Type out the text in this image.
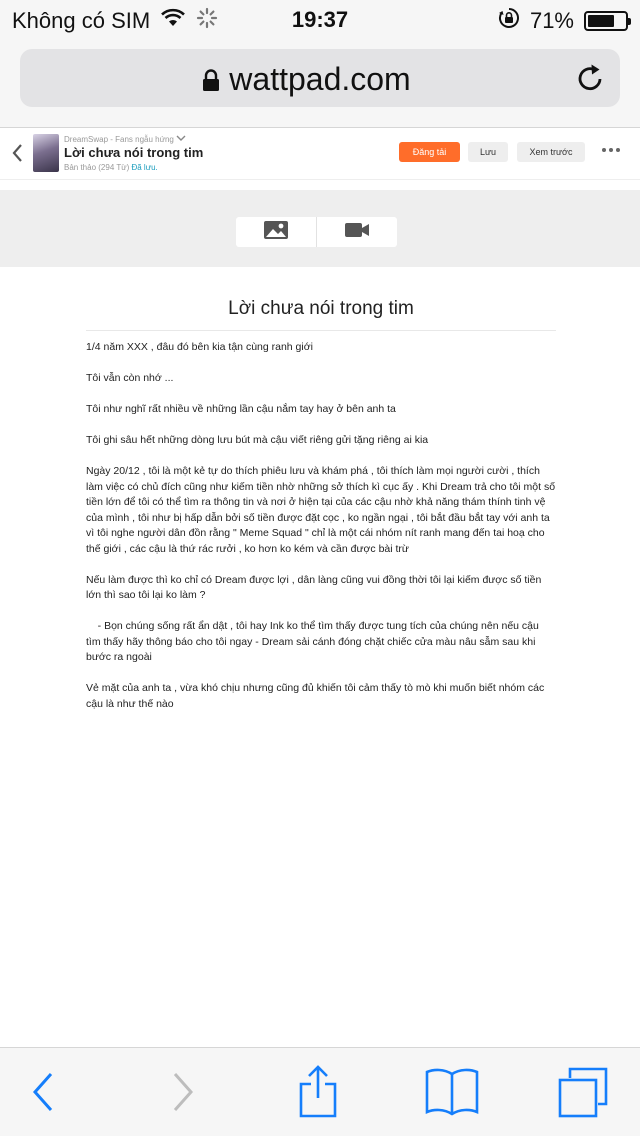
Không có SIM	19:37	71%
wattpad.com
DreamSwap - Fans ngẫu hứng
Lời chưa nói trong tim
Bản thảo (294 Từ) Đã lưu.
Đăng tải	Lưu	Xem trước
Lời chưa nói trong tim

1/4 năm XXX , đâu đó bên kia tận cùng ranh giới

Tôi vẫn còn nhớ ...

Tôi như nghĩ rất nhiều về những lần cậu nắm tay hay ở bên anh ta

Tôi ghi sâu hết những dòng lưu bút mà cậu viết riêng gửi tặng riêng ai kia

Ngày 20/12 , tôi là một kẻ tự do thích phiêu lưu và khám phá , tôi thích làm mọi người cười , thích làm việc có chủ đích cũng như kiếm tiền nhờ những sở thích kì cục ấy . Khi Dream trả cho tôi một số tiền lớn để tôi có thể tìm ra thông tin và nơi ở hiện tại của các cậu nhờ khả năng thám thính tinh vệ của mình , tôi như bị hấp dẫn bởi số tiền được đặt cọc , ko ngần ngại , tôi bắt đầu bắt tay với anh ta vì tôi nghe người dân đồn rằng " Meme Squad " chỉ là một cái nhóm nít ranh mang đến tai hoạ cho thế giới , các cậu là thứ rác rưởi , ko hơn ko kém và cần được bài trừ

Nếu làm được thì ko chỉ có Dream được lợi , dân làng cũng vui đồng thời tôi lại kiếm được số tiền lớn thì sao tôi lại ko làm ?

- Bọn chúng sống rất ẩn dật , tôi hay Ink ko thể tìm thấy được tung tích của chúng nên nếu cậu tìm thấy hãy thông báo cho tôi ngay - Dream sải cánh đóng chặt chiếc cửa màu nâu sẫm sau khi bước ra ngoài

Vẻ mặt của anh ta , vừa khó chịu nhưng cũng đủ khiến tôi cảm thấy tò mò khi muốn biết nhóm các cậu là như thế nào
